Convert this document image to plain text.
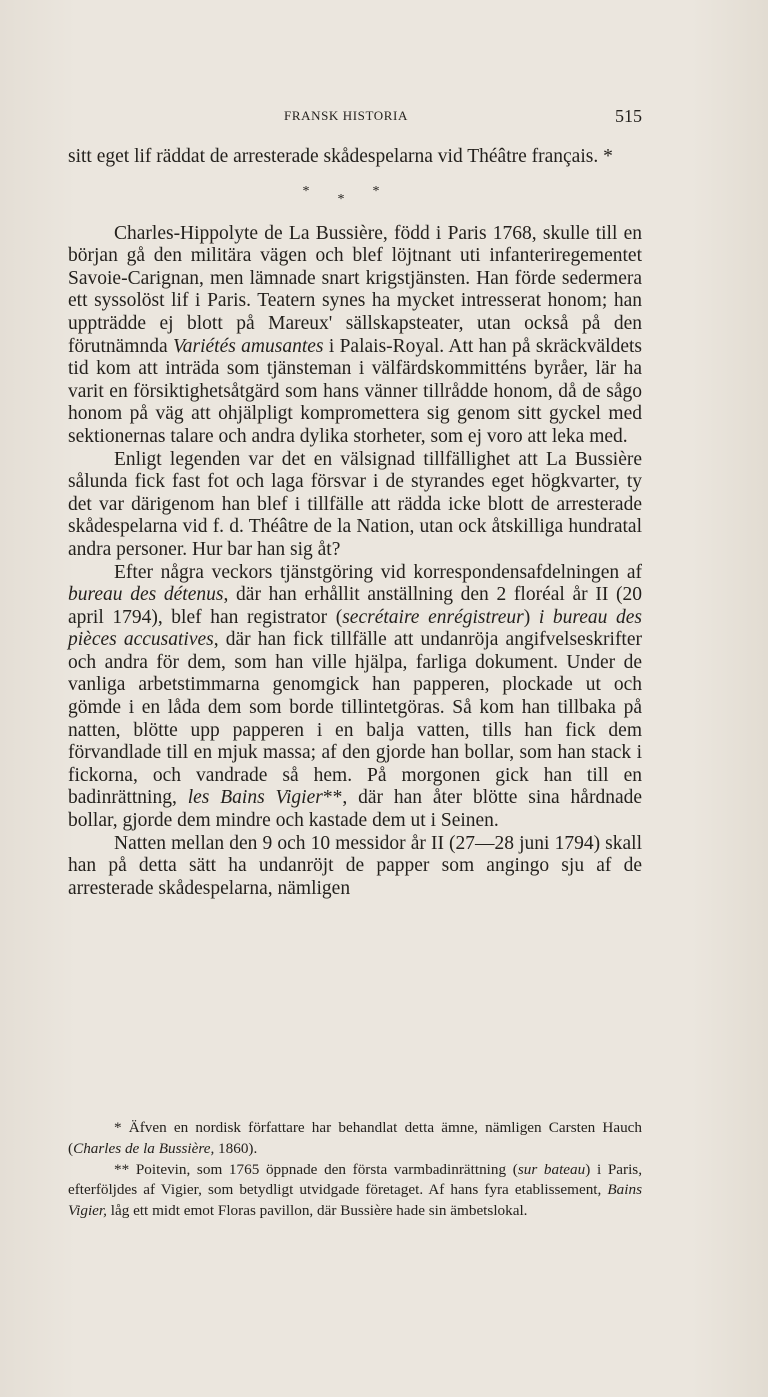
FRANSK HISTORIA	515

sitt eget lif räddat de arresterade skådespelarna vid Théâtre français. *

***

Charles-Hippolyte de La Bussière, född i Paris 1768, skulle till en början gå den militära vägen och blef löjtnant uti infanteriregementet Savoie-Carignan, men lämnade snart krigstjänsten. Han förde sedermera ett syssolöst lif i Paris. Teatern synes ha mycket intresserat honom; han uppträdde ej blott på Mareux' sällskapsteater, utan också på den förutnämnda Variétés amusantes i Palais-Royal. Att han på skräckväldets tid kom att inträda som tjänsteman i välfärdskommitténs byråer, lär ha varit en försiktighetsåtgärd som hans vänner tillrådde honom, då de sågo honom på väg att ohjälpligt kompromettera sig genom sitt gyckel med sektionernas talare och andra dylika storheter, som ej voro att leka med.

Enligt legenden var det en välsignad tillfällighet att La Bussière sålunda fick fast fot och laga försvar i de styrandes eget högkvarter, ty det var därigenom han blef i tillfälle att rädda icke blott de arresterade skådespelarna vid f. d. Théâtre de la Nation, utan ock åtskilliga hundratal andra personer. Hur bar han sig åt?

Efter några veckors tjänstgöring vid korrespondensafdelningen af bureau des détenus, där han erhållit anställning den 2 floréal år II (20 april 1794), blef han registrator (secrétaire enrégistreur) i bureau des pièces accusatives, där han fick tillfälle att undanröja angifvelseskrifter och andra för dem, som han ville hjälpa, farliga dokument. Under de vanliga arbetstimmarna genomgick han papperen, plockade ut och gömde i en låda dem som borde tillintetgöras. Så kom han tillbaka på natten, blötte upp papperen i en balja vatten, tills han fick dem förvandlade till en mjuk massa; af den gjorde han bollar, som han stack i fickorna, och vandrade så hem. På morgonen gick han till en badinrättning, les Bains Vigier**, där han åter blötte sina hårdnade bollar, gjorde dem mindre och kastade dem ut i Seinen.

Natten mellan den 9 och 10 messidor år II (27—28 juni 1794) skall han på detta sätt ha undanröjt de papper som angingo sju af de arresterade skådespelarna, nämligen

* Äfven en nordisk författare har behandlat detta ämne, nämligen Carsten Hauch (Charles de la Bussière, 1860).

** Poitevin, som 1765 öppnade den första varmbadinrättning (sur bateau) i Paris, efterföljdes af Vigier, som betydligt utvidgade företaget. Af hans fyra etablissement, Bains Vigier, låg ett midt emot Floras pavillon, där Bussière hade sin ämbetslokal.
